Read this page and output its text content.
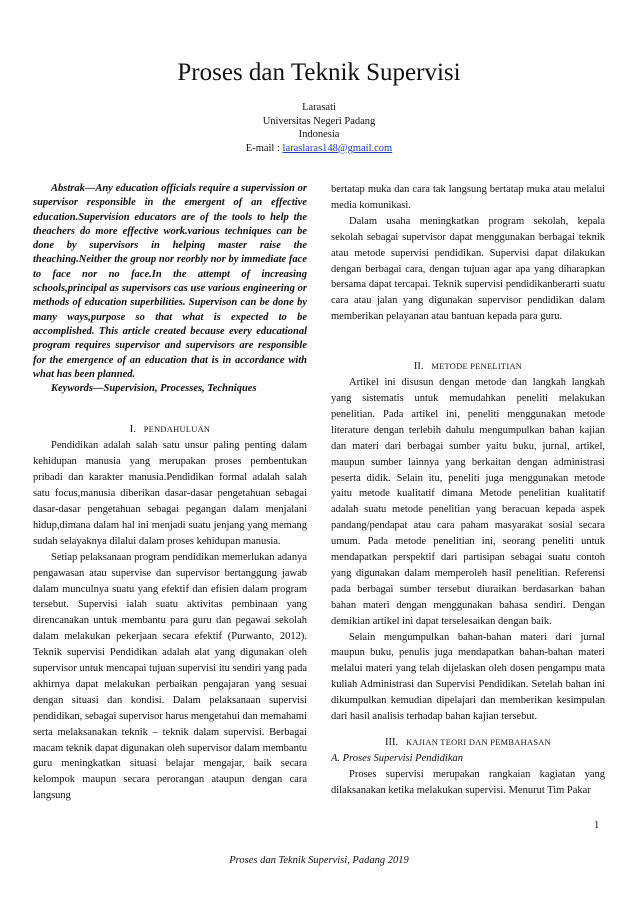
Proses dan Teknik Supervisi
Larasati
Universitas Negeri Padang
Indonesia
E-mail : laraslaras148@gmail.com

Abstrak—Any education officials require a supervission or supervisor responsible in the emergent of an effective education.Supervision educators are of the tools to help the theachers do more effective work.various techniques can be done by supervisors in helping master raise the theaching.Neither the group nor reorbly nor by immediate face to face nor no face.In the attempt of increasing schools,principal as supervisors cas use various engineering or methods of education superbilities. Supervison can be done by many ways,purpose so that what is expected to be accomplished. This article created because every educational program requires supervisor and supervisors are responsible for the emergence of an education that is in accordance with what has been planned.

Keywords—Supervision, Processes, Techniques

I. PENDAHULUAN

Pendidikan adalah salah satu unsur paling penting dalam kehidupan manusia yang merupakan proses pembentukan pribadi dan karakter manusia.Pendidikan formal adalah salah satu focus,manusia diberikan dasar-dasar pengetahuan sebagai dasar-dasar pengetahuan sebagai pegangan dalam menjalani hidup,dimana dalam hal ini menjadi suatu jenjang yang memang sudah selayaknya dilalui dalam proses kehidupan manusia.

Setiap pelaksanaan program pendidikan memerlukan adanya pengawasan atau supervise dan supervisor bertanggung jawab dalam munculnya suatu yang efektif dan efisien dalam program tersebut. Supervisi ialah suatu aktivitas pembinaan yang direncanakan untuk membantu para guru dan pegawai sekolah dalam melakukan pekerjaan secara efektif (Purwanto, 2012). Teknik supervisi Pendidikan adalah alat yang digunakan oleh supervisor untuk mencapai tujuan supervisi itu sendiri yang pada akhirnya dapat melakukan perbaikan pengajaran yang sesuai dengan situasi dan kondisi. Dalam pelaksanaan supervisi pendidikan, sebagai supervisor harus mengetahui dan memahami serta melaksanakan teknik – teknik dalam supervisi. Berbagai macam teknik dapat digunakan oleh supervisor dalam membantu guru meningkatkan situasi belajar mengajar, baik secara kelompok maupun secara perorangan ataupun dengan cara langsung

bertatap muka dan cara tak langsung bertatap muka atau melalui media komunikasi.

Dalam usaha meningkatkan program sekolah, kepala sekolah sebagai supervisor dapat menggunakan berbagai teknik atau metode supervisi pendidikan. Supervisi dapat dilakukan dengan berbagai cara, dengan tujuan agar apa yang diharapkan bersama dapat tercapai. Teknik supervisi pendidikanberarti suatu cara atau jalan yang digunakan supervisor pendidikan dalam memberikan pelayanan atau bantuan kepada para guru.

II. METODE PENELITIAN

Artikel ini disusun dengan metode dan langkah langkah yang sistematis untuk memudahkan peneliti melakukan penelitian. Pada artikel ini, peneliti menggunakan metode literature dengan terlebih dahulu mengumpulkan bahan kajian dan materi dari berbagai sumber yaitu buku, jurnal, artikel, maupun sumber lainnya yang berkaitan dengan administrasi peserta didik. Selain itu, peneliti juga menggunakan metode yaitu metode kualitatif dimana Metode penelitian kualitatif adalah suatu metode penelitian yang beracuan kepada aspek pandang/pendapat atau cara paham masyarakat sosial secara umum. Pada metode penelitian ini, seorang peneliti untuk mendapatkan perspektif dari partisipan sebagai suatu contoh yang digunakan dalam memperoleh hasil penelitian. Referensi pada berbagai sumber tersebut diuraikan berdasarkan bahan bahan materi dengan menggunakan bahasa sendiri. Dengan demikian artikel ini dapat terselesaikan dengan baik.

Selain mengumpulkan bahan-bahan materi dari jurnal maupun buku, penulis juga mendapatkan bahan-bahan materi melalui materi yang telah dijelaskan oleh dosen pengampu mata kuliah Administrasi dan Supervisi Pendidikan. Setelah bahan ini dikumpulkan kemudian dipelajari dan memberikan kesimpulan dari hasil analisis terhadap bahan kajian tersebut.

III. KAJIAN TEORI DAN PEMBAHASAN

A. Proses Supervisi Pendidikan

Proses supervisi merupakan rangkaian kagiatan yang dilaksanakan ketika melakukan supervisi. Menurut Tim Pakar

1
Proses dan Teknik Supervisi, Padang 2019
